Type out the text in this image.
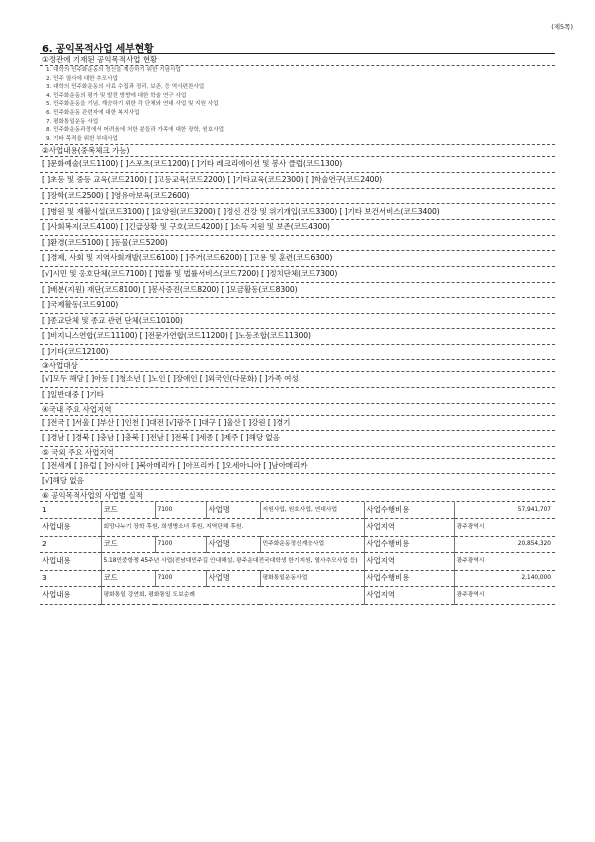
(제5쪽)
6. 공익목적사업 세부현황
①정관에 기재된 공익목적사업 현황
1. 대학의 민주화운동의 정신을 계승하기 위한 기념사업
2. 민주 열사에 대한 추모사업
3. 대학의 민주화운동의 사료 수집과 정리, 보존, 등 역사편찬사업
4. 민주화운동의 평가 및 발전 방향에 대한 학술 연구 사업
5. 민주화운동을 기념, 계승하기 위한 각 단체와 연대 사업 및 지원 사업
6. 민주화운동 관련자에 대한 복지사업
7. 평화통일운동 사업
8. 민주화운동과정에서 어려움에 처한 분들과 가족에 대한 장학, 원호사업
9. 기타 목적을 위한 부대사업
②사업내용(중복체크 가능)
[ ]문화예술(코드1100) [ ]스포츠(코드1200) [ ]기타 레크리에이션 및 봉사 클럽(코드1300)
[ ]초등 및 중등 교육(코드2100) [ ]고등교육(코드2200) [ ]기타교육(코드2300) [ ]학술연구(코드2400)
[ ]장학(코드2500) [ ]영유아보육(코드2600)
[ ]병원 및 재활시설(코드3100) [ ]요양원(코드3200) [ ]정신 건강 및 위기개입(코드3300) [ ]기타 보건서비스(코드3400)
[ ]사회복지(코드4100) [ ]긴급상황 및 구호(코드4200) [ ]소득 지원 및 보존(코드4300)
[ ]환경(코드5100) [ ]동물(코드5200)
[ ]경제, 사회 및 지역사회개발(코드6100) [ ]주거(코드6200) [ ]고용 및 훈련(코드6300)
[√]시민 및 옹호단체(코드7100) [ ]법률 및 법률서비스(코드7200) [ ]정치단체(코드7300)
[ ]배분(지원) 재단(코드8100) [ ]봉사증진(코드8200) [ ]모금활동(코드8300)
[ ]국제활동(코드9100)
[ ]종교단체 및 종교 관련 단체(코드10100)
[ ]비지니스연합(코드11100) [ ]전문가연합(코드11200) [ ]노동조합(코드11300)
[ ]기타(코드12100)
③사업대상
[√]모두 해당 [ ]아동 [ ]청소년 [ ]노인 [ ]장애인 [ ]외국인(다문화) [ ]가족 여성
[ ]일반대중 [ ]기타
④국내 주요 사업지역
[ ]전국 [ ]서울 [ ]부산 [ ]인천 [ ]대전 [√]광주 [ ]대구 [ ]울산 [ ]강원 [ ]경기
[ ]경남 [ ]경북 [ ]충남 [ ]충북 [ ]전남 [ ]전북 [ ]세종 [ ]제주 [ ]해당 없음
⑤ 국외 주요 사업지역
[ ]전세계 [ ]유럽 [ ]아시아 [ ]북아메리카 [ ]아프리카 [ ]오세아니아 [ ]남아메리카
[√]해당 없음
⑥ 공익목적사업의 사업별 실적
1	코드	7100	사업명	지원사업, 원호사업, 연대사업	사업수행비용	57,941,707
사업내용	회망나누기 장학 후원, 희생병소녀 후원, 지역단체 후원.				사업지역	광주광역시
2	코드	7100	사업명	민주화운동정신계승사업	사업수행비용	20,854,320
사업내용	5.18민중항쟁 45주년 사업(전남대민주길 안내해설, 광주운대전국대학생 한기지원, 열사추모사업 등)				사업지역	광주광역시
3	코드	7100	사업명	평화통일운동사업	사업수행비용	2,140,000
사업내용	평화통일 강연회, 평화통일 도보순례				사업지역	광주광역시
